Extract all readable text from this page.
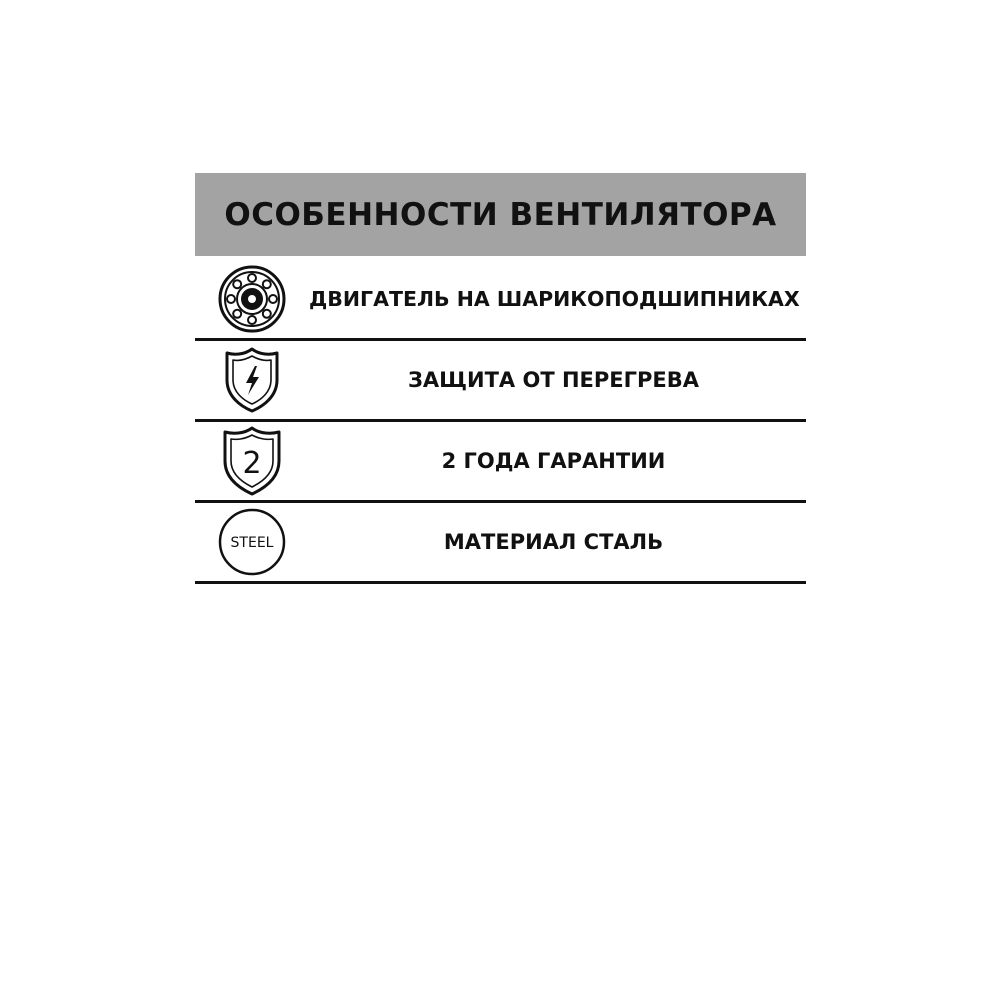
ОСОБЕННОСТИ ВЕНТИЛЯТОРА
ДВИГАТЕЛЬ НА ШАРИКОПОДШИПНИКАХ
ЗАЩИТА ОТ ПЕРЕГРЕВА
2	2 ГОДА ГАРАНТИИ
STEEL	МАТЕРИАЛ СТАЛЬ
